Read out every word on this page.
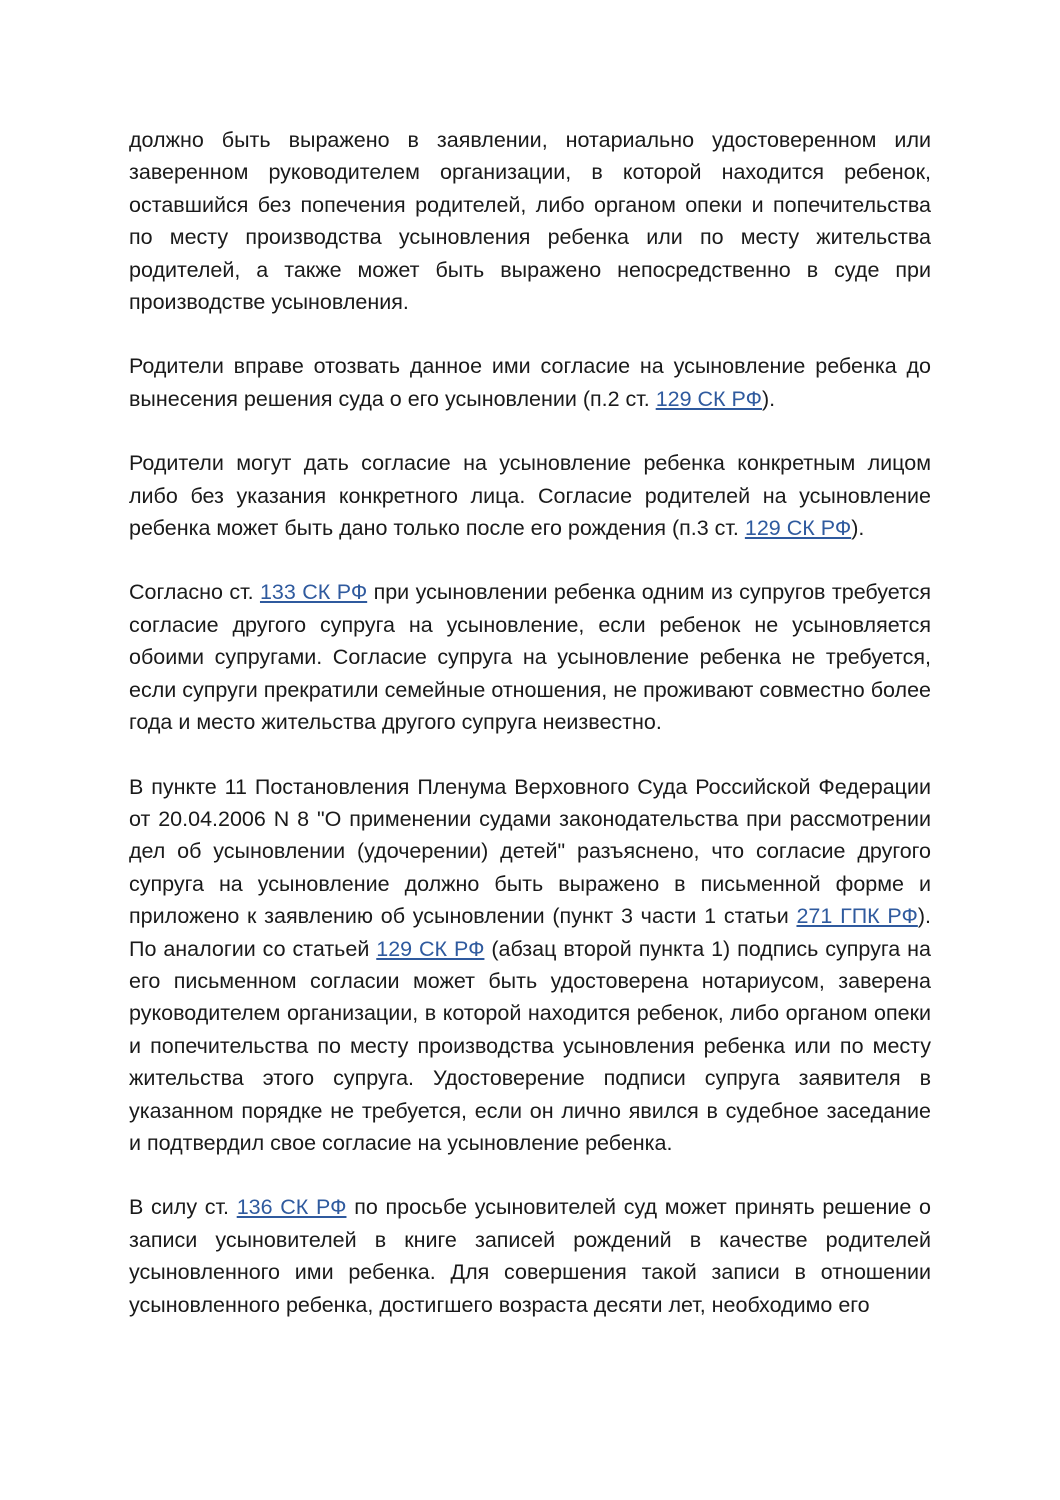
должно быть выражено в заявлении, нотариально удостоверенном или заверенном руководителем организации, в которой находится ребенок, оставшийся без попечения родителей, либо органом опеки и попечительства по месту производства усыновления ребенка или по месту жительства родителей, а также может быть выражено непосредственно в суде при производстве усыновления.

Родители вправе отозвать данное ими согласие на усыновление ребенка до вынесения решения суда о его усыновлении (п.2 ст. 129 СК РФ).

Родители могут дать согласие на усыновление ребенка конкретным лицом либо без указания конкретного лица. Согласие родителей на усыновление ребенка может быть дано только после его рождения (п.3 ст. 129 СК РФ).

Согласно ст. 133 СК РФ при усыновлении ребенка одним из супругов требуется согласие другого супруга на усыновление, если ребенок не усыновляется обоими супругами. Согласие супруга на усыновление ребенка не требуется, если супруги прекратили семейные отношения, не проживают совместно более года и место жительства другого супруга неизвестно.

В пункте 11 Постановления Пленума Верховного Суда Российской Федерации от 20.04.2006 N 8 "О применении судами законодательства при рассмотрении дел об усыновлении (удочерении) детей" разъяснено, что согласие другого супруга на усыновление должно быть выражено в письменной форме и приложено к заявлению об усыновлении (пункт 3 части 1 статьи 271 ГПК РФ). По аналогии со статьей 129 СК РФ (абзац второй пункта 1) подпись супруга на его письменном согласии может быть удостоверена нотариусом, заверена руководителем организации, в которой находится ребенок, либо органом опеки и попечительства по месту производства усыновления ребенка или по месту жительства этого супруга. Удостоверение подписи супруга заявителя в указанном порядке не требуется, если он лично явился в судебное заседание и подтвердил свое согласие на усыновление ребенка.

В силу ст. 136 СК РФ по просьбе усыновителей суд может принять решение о записи усыновителей в книге записей рождений в качестве родителей усыновленного ими ребенка. Для совершения такой записи в отношении усыновленного ребенка, достигшего возраста десяти лет, необходимо его
